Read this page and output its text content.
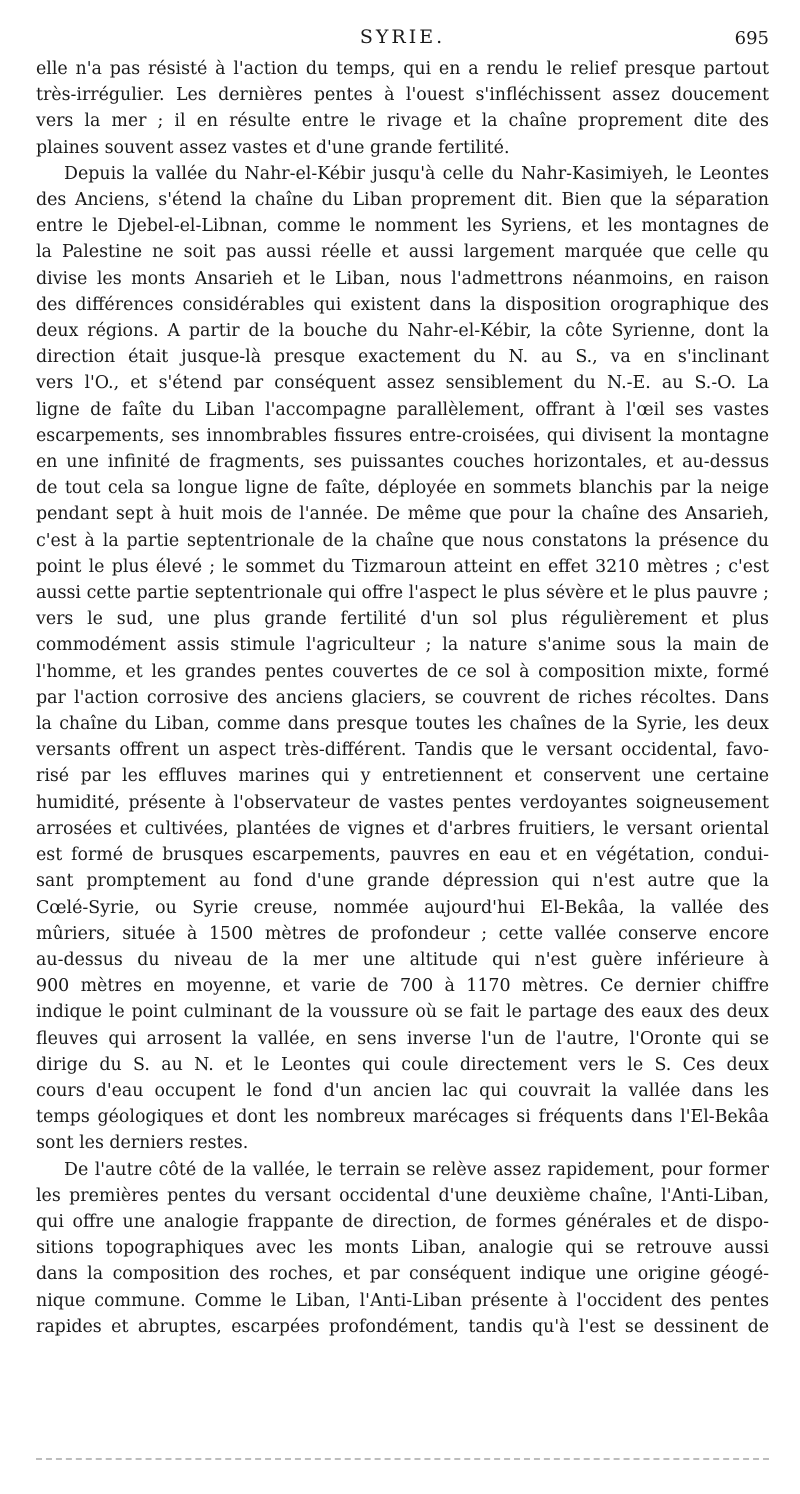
SYRIE.	695

elle n'a pas résisté à l'action du temps, qui en a rendu le relief presque partout
très-irrégulier. Les dernières pentes à l'ouest s'infléchissent assez doucement
vers la mer ; il en résulte entre le rivage et la chaîne proprement dite des
plaines souvent assez vastes et d'une grande fertilité.

Depuis la vallée du Nahr-el-Kébir jusqu'à celle du Nahr-Kasimiyeh, le Leontes
des Anciens, s'étend la chaîne du Liban proprement dit. Bien que la séparation
entre le Djebel-el-Libnan, comme le nomment les Syriens, et les montagnes de
la Palestine ne soit pas aussi réelle et aussi largement marquée que celle qu
divise les monts Ansarieh et le Liban, nous l'admettrons néanmoins, en raison
des différences considérables qui existent dans la disposition orographique des
deux régions. A partir de la bouche du Nahr-el-Kébir, la côte Syrienne, dont la
direction était jusque-là presque exactement du N. au S., va en s'inclinant
vers l'O., et s'étend par conséquent assez sensiblement du N.-E. au S.-O. La
ligne de faîte du Liban l'accompagne parallèlement, offrant à l'œil ses vastes
escarpements, ses innombrables fissures entre-croisées, qui divisent la montagne
en une infinité de fragments, ses puissantes couches horizontales, et au-dessus
de tout cela sa longue ligne de faîte, déployée en sommets blanchis par la neige
pendant sept à huit mois de l'année. De même que pour la chaîne des Ansarieh,
c'est à la partie septentrionale de la chaîne que nous constatons la présence du
point le plus élevé ; le sommet du Tizmaroun atteint en effet 3210 mètres ; c'est
aussi cette partie septentrionale qui offre l'aspect le plus sévère et le plus pauvre ;
vers le sud, une plus grande fertilité d'un sol plus régulièrement et plus
commodément assis stimule l'agriculteur ; la nature s'anime sous la main de
l'homme, et les grandes pentes couvertes de ce sol à composition mixte, formé
par l'action corrosive des anciens glaciers, se couvrent de riches récoltes. Dans
la chaîne du Liban, comme dans presque toutes les chaînes de la Syrie, les deux
versants offrent un aspect très-différent. Tandis que le versant occidental, favo-
risé par les effluves marines qui y entretiennent et conservent une certaine
humidité, présente à l'observateur de vastes pentes verdoyantes soigneusement
arrosées et cultivées, plantées de vignes et d'arbres fruitiers, le versant oriental
est formé de brusques escarpements, pauvres en eau et en végétation, condui-
sant promptement au fond d'une grande dépression qui n'est autre que la
Cœlé-Syrie, ou Syrie creuse, nommée aujourd'hui El-Bekâa, la vallée des
mûriers, située à 1500 mètres de profondeur ; cette vallée conserve encore
au-dessus du niveau de la mer une altitude qui n'est guère inférieure à
900 mètres en moyenne, et varie de 700 à 1170 mètres. Ce dernier chiffre
indique le point culminant de la voussure où se fait le partage des eaux des deux
fleuves qui arrosent la vallée, en sens inverse l'un de l'autre, l'Oronte qui se
dirige du S. au N. et le Leontes qui coule directement vers le S. Ces deux
cours d'eau occupent le fond d'un ancien lac qui couvrait la vallée dans les
temps géologiques et dont les nombreux marécages si fréquents dans l'El-Bekâa
sont les derniers restes.

De l'autre côté de la vallée, le terrain se relève assez rapidement, pour former
les premières pentes du versant occidental d'une deuxième chaîne, l'Anti-Liban,
qui offre une analogie frappante de direction, de formes générales et de dispo-
sitions topographiques avec les monts Liban, analogie qui se retrouve aussi
dans la composition des roches, et par conséquent indique une origine géogé-
nique commune. Comme le Liban, l'Anti-Liban présente à l'occident des pentes
rapides et abruptes, escarpées profondément, tandis qu'à l'est se dessinent de
